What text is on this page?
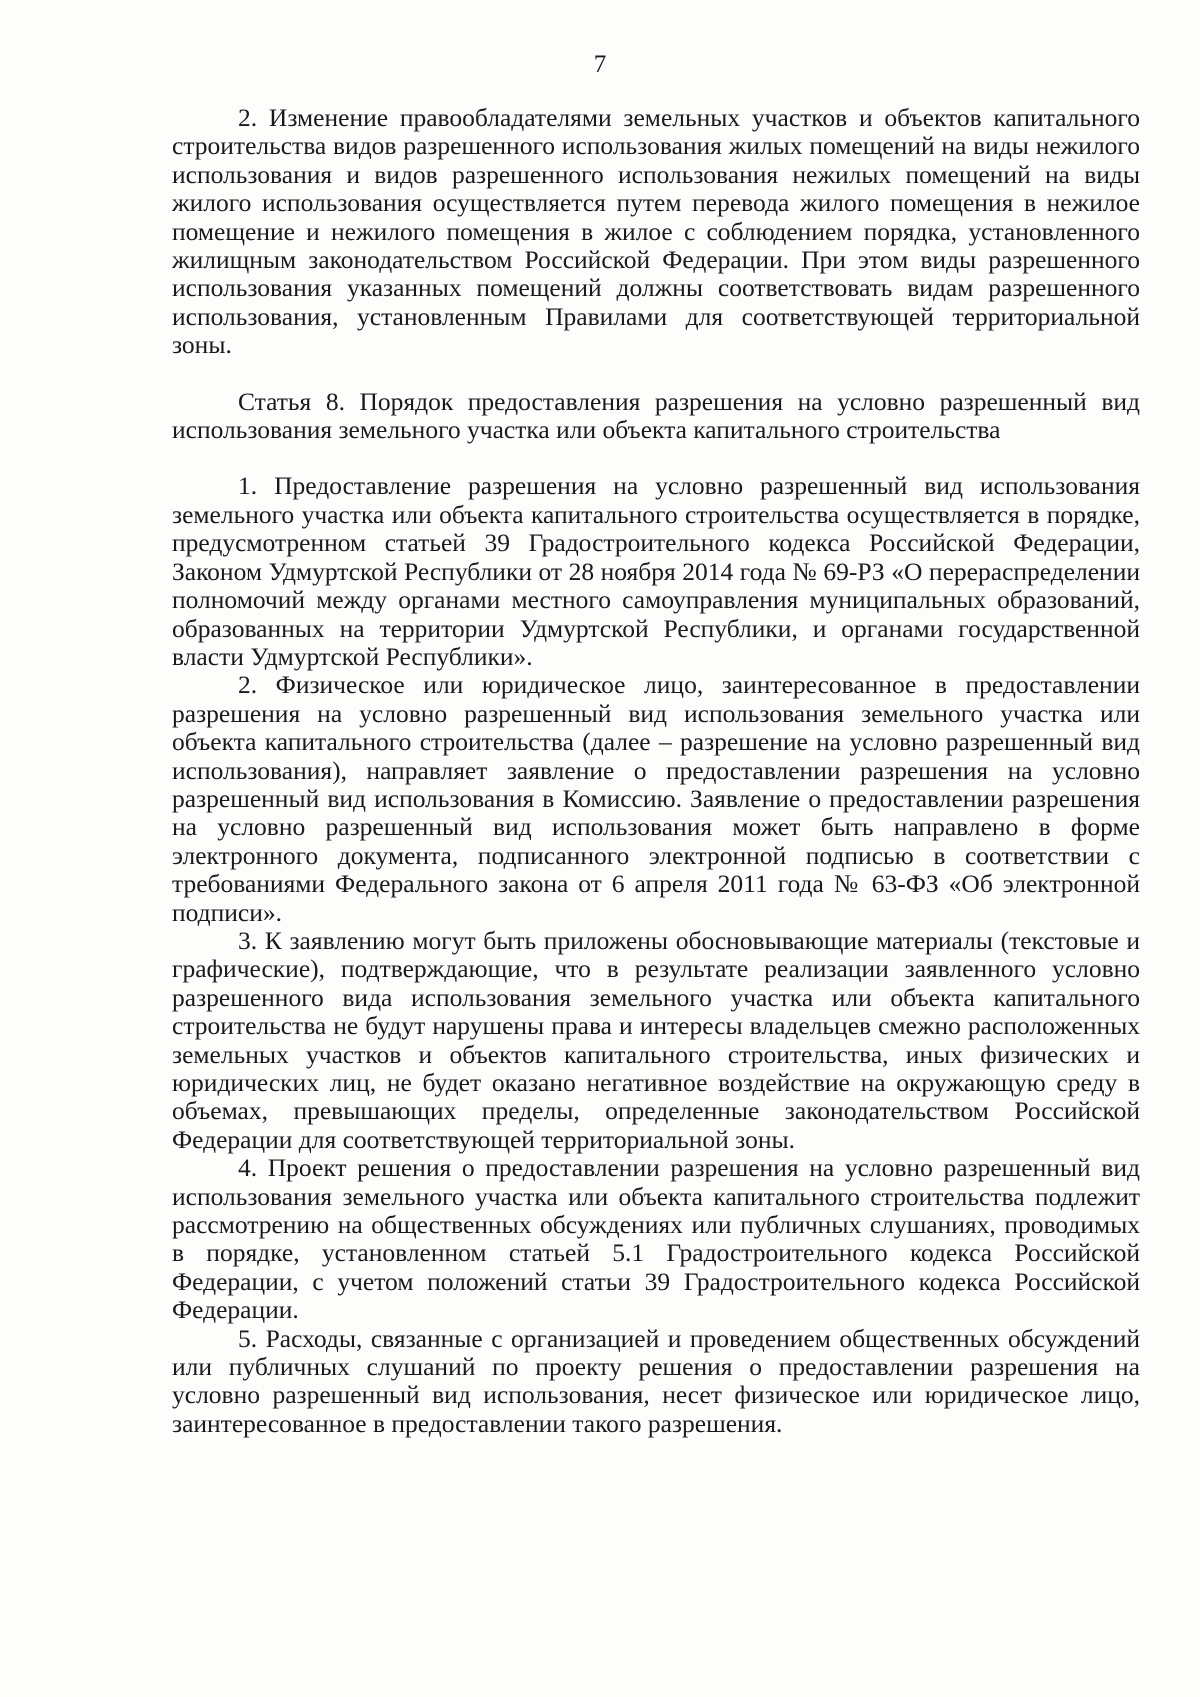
7

2. Изменение правообладателями земельных участков и объектов капитального строительства видов разрешенного использования жилых помещений на виды нежилого использования и видов разрешенного использования нежилых помещений на виды жилого использования осуществляется путем перевода жилого помещения в нежилое помещение и нежилого помещения в жилое с соблюдением порядка, установленного жилищным законодательством Российской Федерации. При этом виды разрешенного использования указанных помещений должны соответствовать видам разрешенного использования, установленным Правилами для соответствующей территориальной зоны.

Статья 8. Порядок предоставления разрешения на условно разрешенный вид использования земельного участка или объекта капитального строительства

1. Предоставление разрешения на условно разрешенный вид использования земельного участка или объекта капитального строительства осуществляется в порядке, предусмотренном статьей 39 Градостроительного кодекса Российской Федерации, Законом Удмуртской Республики от 28 ноября 2014 года № 69-РЗ «О перераспределении полномочий между органами местного самоуправления муниципальных образований, образованных на территории Удмуртской Республики, и органами государственной власти Удмуртской Республики».

2. Физическое или юридическое лицо, заинтересованное в предоставлении разрешения на условно разрешенный вид использования земельного участка или объекта капитального строительства (далее – разрешение на условно разрешенный вид использования), направляет заявление о предоставлении разрешения на условно разрешенный вид использования в Комиссию. Заявление о предоставлении разрешения на условно разрешенный вид использования может быть направлено в форме электронного документа, подписанного электронной подписью в соответствии с требованиями Федерального закона от 6 апреля 2011 года № 63-ФЗ «Об электронной подписи».

3. К заявлению могут быть приложены обосновывающие материалы (текстовые и графические), подтверждающие, что в результате реализации заявленного условно разрешенного вида использования земельного участка или объекта капитального строительства не будут нарушены права и интересы владельцев смежно расположенных земельных участков и объектов капитального строительства, иных физических и юридических лиц, не будет оказано негативное воздействие на окружающую среду в объемах, превышающих пределы, определенные законодательством Российской Федерации для соответствующей территориальной зоны.

4. Проект решения о предоставлении разрешения на условно разрешенный вид использования земельного участка или объекта капитального строительства подлежит рассмотрению на общественных обсуждениях или публичных слушаниях, проводимых в порядке, установленном статьей 5.1 Градостроительного кодекса Российской Федерации, с учетом положений статьи 39 Градостроительного кодекса Российской Федерации.

5. Расходы, связанные с организацией и проведением общественных обсуждений или публичных слушаний по проекту решения о предоставлении разрешения на условно разрешенный вид использования, несет физическое или юридическое лицо, заинтересованное в предоставлении такого разрешения.
